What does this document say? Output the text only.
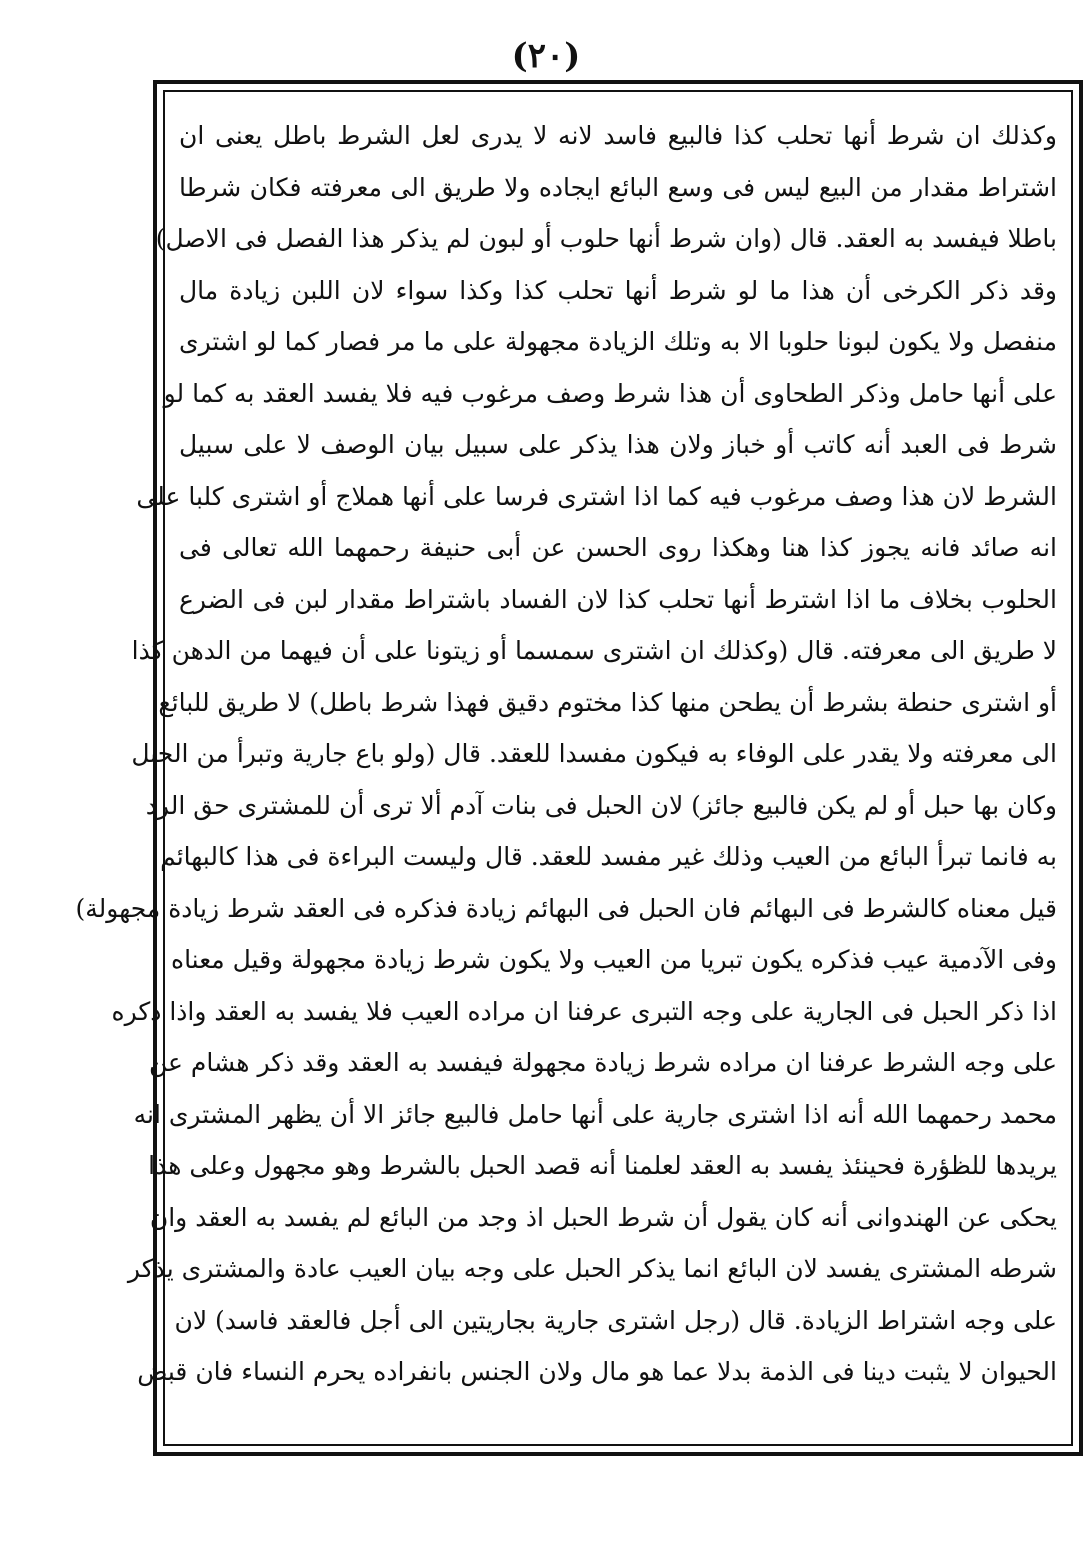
(٢٠)
وكذلك ان شرط أنها تحلب كذا فالبيع فاسد لانه لا يدرى لعل الشرط باطل يعنى ان
اشتراط مقدار من البيع ليس فى وسع البائع ايجاده ولا طريق الى معرفته فكان شرطا
باطلا فيفسد به العقد. قال (وان شرط أنها حلوب أو لبون لم يذكر هذا الفصل فى الاصل)
وقد ذكر الكرخى أن هذا ما لو شرط أنها تحلب كذا وكذا سواء لان اللبن زيادة مال
منفصل ولا يكون لبونا حلوبا الا به وتلك الزيادة مجهولة على ما مر فصار كما لو اشترى
على أنها حامل وذكر الطحاوى أن هذا شرط وصف مرغوب فيه فلا يفسد العقد به كما لو
شرط فى العبد أنه كاتب أو خباز ولان هذا يذكر على سبيل بيان الوصف لا على سبيل
الشرط لان هذا وصف مرغوب فيه كما اذا اشترى فرسا على أنها هملاج أو اشترى كلبا على
انه صائد فانه يجوز كذا هنا وهكذا روى الحسن عن أبى حنيفة رحمهما الله تعالى فى
الحلوب بخلاف ما اذا اشترط أنها تحلب كذا لان الفساد باشتراط مقدار لبن فى الضرع
لا طريق الى معرفته. قال (وكذلك ان اشترى سمسما أو زيتونا على أن فيهما من الدهن كذا
أو اشترى حنطة بشرط أن يطحن منها كذا مختوم دقيق فهذا شرط باطل) لا طريق للبائع
الى معرفته ولا يقدر على الوفاء به فيكون مفسدا للعقد. قال (ولو باع جارية وتبرأ من الحبل
وكان بها حبل أو لم يكن فالبيع جائز) لان الحبل فى بنات آدم ألا ترى أن للمشترى حق الرد
به فانما تبرأ البائع من العيب وذلك غير مفسد للعقد. قال وليست البراءة فى هذا كالبهائم
قيل معناه كالشرط فى البهائم فان الحبل فى البهائم زيادة فذكره فى العقد شرط زيادة مجهولة)
وفى الآدمية عيب فذكره يكون تبريا من العيب ولا يكون شرط زيادة مجهولة وقيل معناه
اذا ذكر الحبل فى الجارية على وجه التبرى عرفنا ان مراده العيب فلا يفسد به العقد واذا ذكره
على وجه الشرط عرفنا ان مراده شرط زيادة مجهولة فيفسد به العقد وقد ذكر هشام عن
محمد رحمهما الله أنه اذا اشترى جارية على أنها حامل فالبيع جائز الا أن يظهر المشترى انه
يريدها للظؤرة فحينئذ يفسد به العقد لعلمنا أنه قصد الحبل بالشرط وهو مجهول وعلى هذا
يحكى عن الهندوانى أنه كان يقول أن شرط الحبل اذ وجد من البائع لم يفسد به العقد وان
شرطه المشترى يفسد لان البائع انما يذكر الحبل على وجه بيان العيب عادة والمشترى يذكر
على وجه اشتراط الزيادة. قال (رجل اشترى جارية بجاريتين الى أجل فالعقد فاسد) لان
الحيوان لا يثبت دينا فى الذمة بدلا عما هو مال ولان الجنس بانفراده يحرم النساء فان قبض
